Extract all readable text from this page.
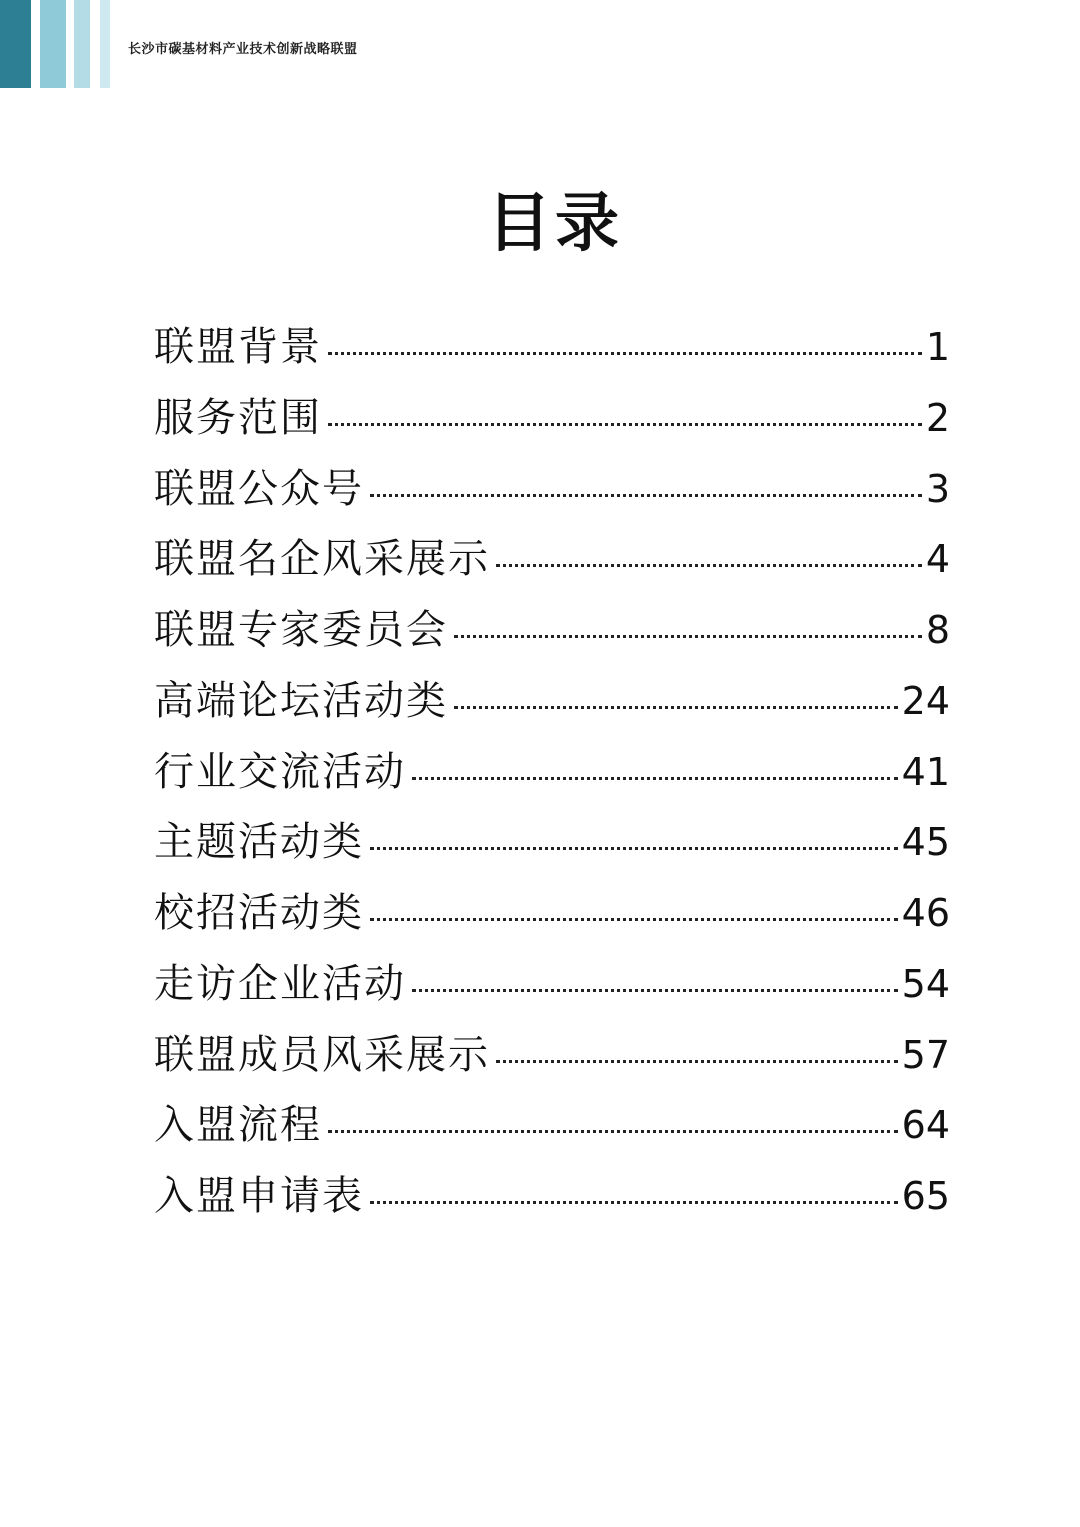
长沙市碳基材料产业技术创新战略联盟
目录
联盟背景	1
服务范围	2
联盟公众号	3
联盟名企风采展示	4
联盟专家委员会	8
高端论坛活动类	24
行业交流活动	41
主题活动类	45
校招活动类	46
走访企业活动	54
联盟成员风采展示	57
入盟流程	64
入盟申请表	65
